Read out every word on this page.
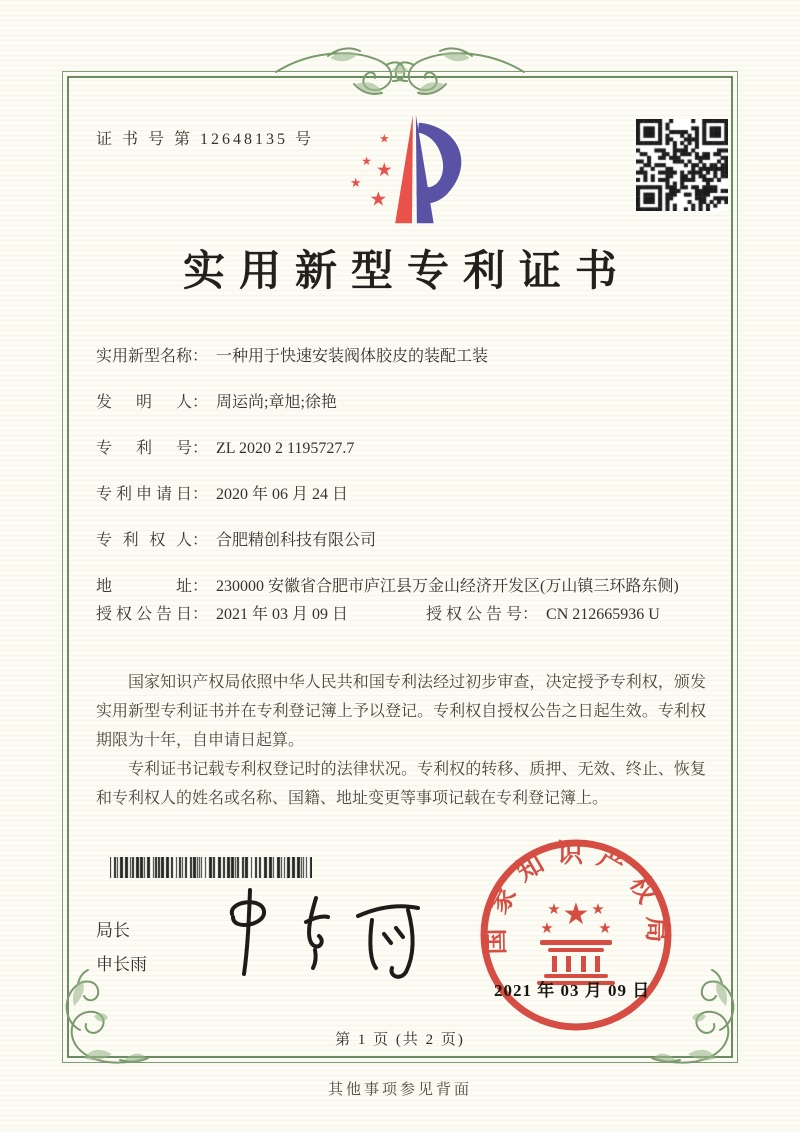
证 书 号 第 12648135 号	★
★ ★
★
★
实用新型专利证书
实用新型名称 ： 一种用于快速安装阀体胶皮的装配工装
发明人 ： 周运尚;章旭;徐艳
专利号 ： ZL 2020 2 1195727.7
专利申请日 ： 2020 年 06 月 24 日
专利权人 ： 合肥精创科技有限公司
地址 ： 230000 安徽省合肥市庐江县万金山经济开发区(万山镇三环路东侧)
授权公告日 ： 2021 年 03 月 09 日	授权公告号 ： CN 212665936 U

国家知识产权局依照中华人民共和国专利法经过初步审查，决定授予专利权，颁发实用新型专利证书并在专利登记簿上予以登记。专利权自授权公告之日起生效。专利权期限为十年，自申请日起算。

专利证书记载专利权登记时的法律状况。专利权的转移、质押、无效、终止、恢复和专利权人的姓名或名称、国籍、地址变更等事项记载在专利登记簿上。

局长
申长雨
国家知识产权局
★
★	★
★ ★
2021 年 03 月 09 日
第 1 页 (共 2 页)
其他事项参见背面
